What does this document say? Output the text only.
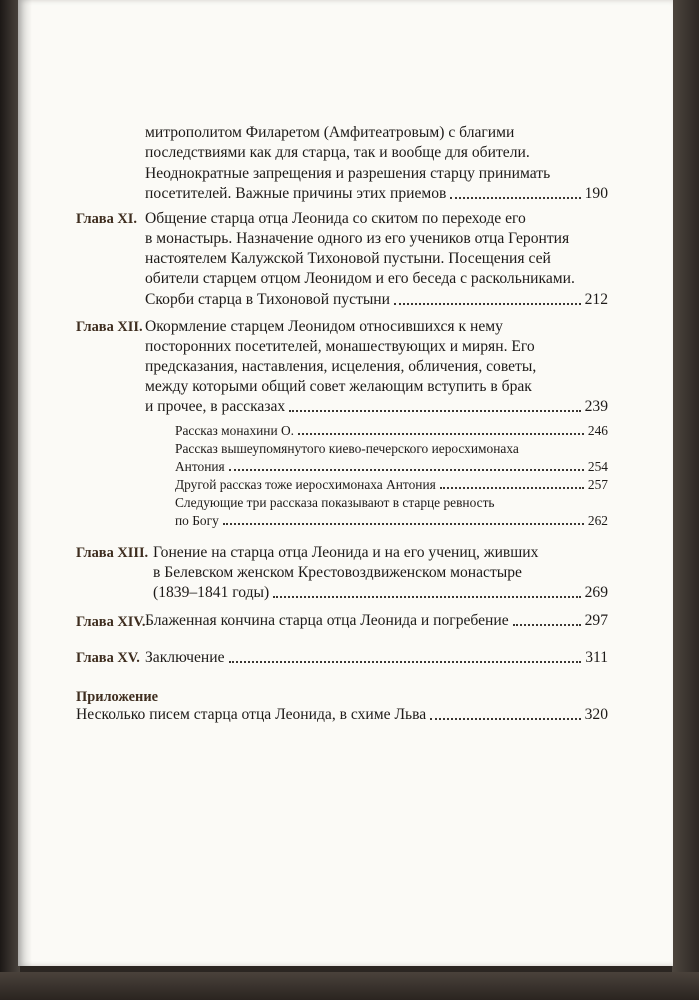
митрополитом Филаретом (Амфитеатровым) с благими
последствиями как для старца, так и вообще для обители.
Неоднократные запрещения и разрешения старцу принимать
посетителей. Важные причины этих приемов	190
Глава XI. Общение старца отца Леонида со скитом по переходе его
в монастырь. Назначение одного из его учеников отца Геронтия
настоятелем Калужской Тихоновой пустыни. Посещения сей
обители старцем отцом Леонидом и его беседа с раскольниками.
Скорби старца в Тихоновой пустыни	212
Глава XII. Окормление старцем Леонидом относившихся к нему
посторонних посетителей, монашествующих и мирян. Его
предсказания, наставления, исцеления, обличения, советы,
между которыми общий совет желающим вступить в брак
и прочее, в рассказах	239
Рассказ монахини О.	246
Рассказ вышеупомянутого киево-печерского иеросхимонаха
Антония	254
Другой рассказ тоже иеросхимонаха Антония	257
Следующие три рассказа показывают в старце ревность
по Богу	262
Глава XIII. Гонение на старца отца Леонида и на его учениц, живших
в Белевском женском Крестовоздвиженском монастыре
(1839–1841 годы)	269
Глава XIV. Блаженная кончина старца отца Леонида и погребение	297
Глава XV. Заключение	311
Приложение
Несколько писем старца отца Леонида, в схиме Льва	320
